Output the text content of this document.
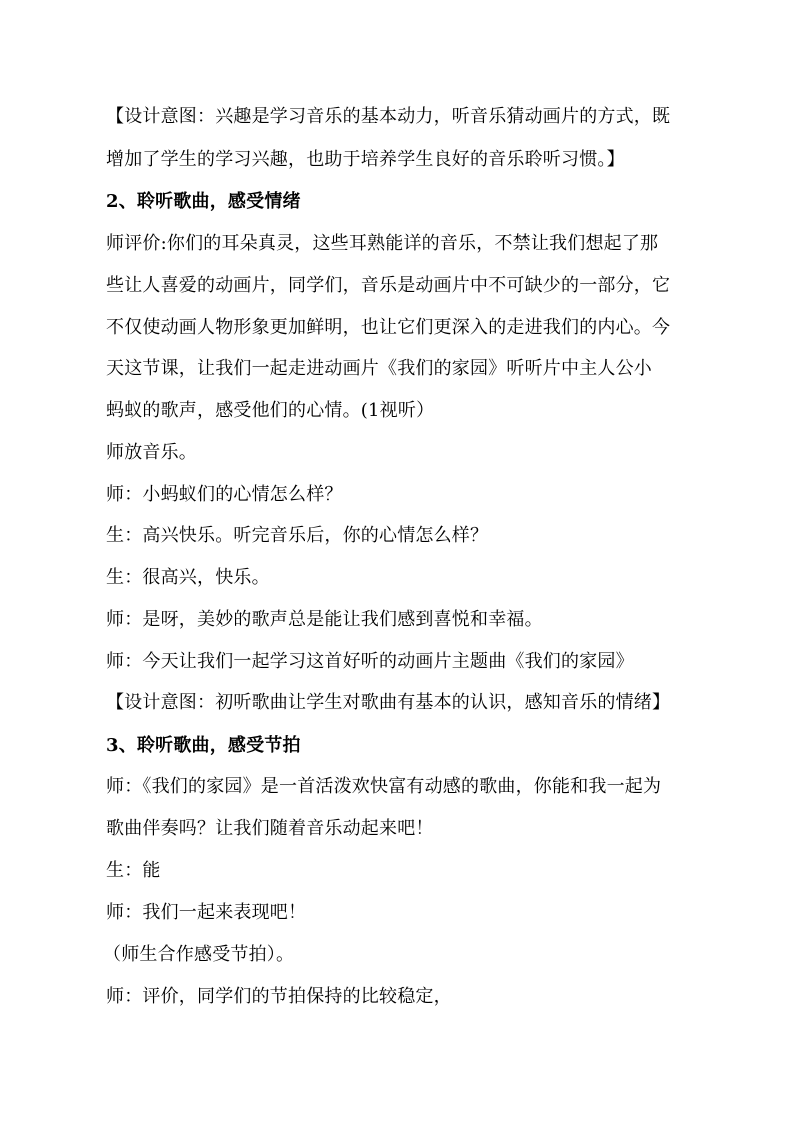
【设计意图：兴趣是学习音乐的基本动力，听音乐猜动画片的方式，既
增加了学生的学习兴趣，也助于培养学生良好的音乐聆听习惯。】
2、聆听歌曲，感受情绪
师评价:你们的耳朵真灵，这些耳熟能详的音乐，不禁让我们想起了那
些让人喜爱的动画片，同学们，音乐是动画片中不可缺少的一部分，它
不仅使动画人物形象更加鲜明，也让它们更深入的走进我们的内心。今
天这节课，让我们一起走进动画片《我们的家园》听听片中主人公小
蚂蚁的歌声，感受他们的心情。(1视听）
师放音乐。
师：小蚂蚁们的心情怎么样？
生：高兴快乐。听完音乐后，你的心情怎么样？
生：很高兴，快乐。
师：是呀，美妙的歌声总是能让我们感到喜悦和幸福。
师：今天让我们一起学习这首好听的动画片主题曲《我们的家园》
【设计意图：初听歌曲让学生对歌曲有基本的认识，感知音乐的情绪】
3、聆听歌曲，感受节拍
师：《我们的家园》是一首活泼欢快富有动感的歌曲，你能和我一起为
歌曲伴奏吗？让我们随着音乐动起来吧！
生：能
师：我们一起来表现吧！
（师生合作感受节拍）。
师：评价，同学们的节拍保持的比较稳定，
